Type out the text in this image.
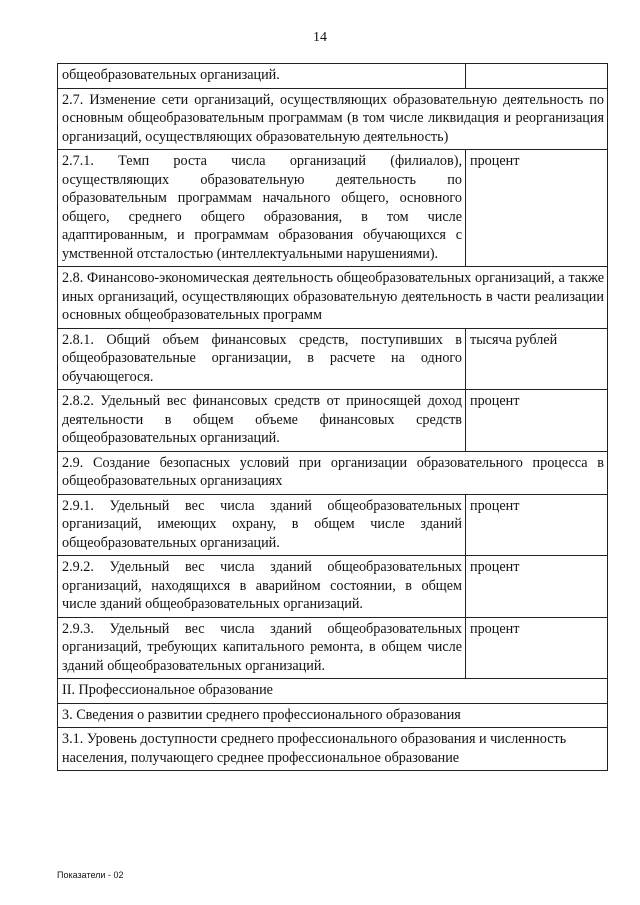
14
общеобразовательных организаций.	
2.7. Изменение сети организаций, осуществляющих образовательную деятельность по основным общеобразовательным программам (в том числе ликвидация и реорганизация организаций, осуществляющих образовательную деятельность)	
2.7.1. Темп роста числа организаций (филиалов), осуществляющих образовательную деятельность по образовательным программам начального общего, основного общего, среднего общего образования, в том числе адаптированным, и программам образования обучающихся с умственной отсталостью (интеллектуальными нарушениями).	процент
2.8. Финансово-экономическая деятельность общеобразовательных организаций, а также иных организаций, осуществляющих образовательную деятельность в части реализации основных общеобразовательных программ	
2.8.1. Общий объем финансовых средств, поступивших в общеобразовательные организации, в расчете на одного обучающегося.	тысяча рублей
2.8.2. Удельный вес финансовых средств от приносящей доход деятельности в общем объеме финансовых средств общеобразовательных организаций.	процент
2.9. Создание безопасных условий при организации образовательного процесса в общеобразовательных организациях	
2.9.1. Удельный вес числа зданий общеобразовательных организаций, имеющих охрану, в общем числе зданий общеобразовательных организаций.	процент
2.9.2. Удельный вес числа зданий общеобразовательных организаций, находящихся в аварийном состоянии, в общем числе зданий общеобразовательных организаций.	процент
2.9.3. Удельный вес числа зданий общеобразовательных организаций, требующих капитального ремонта, в общем числе зданий общеобразовательных организаций.	процент
II. Профессиональное образование	
3. Сведения о развитии среднего профессионального образования	
3.1. Уровень доступности среднего профессионального образования и численность населения, получающего среднее профессиональное образование	
Показатели - 02
